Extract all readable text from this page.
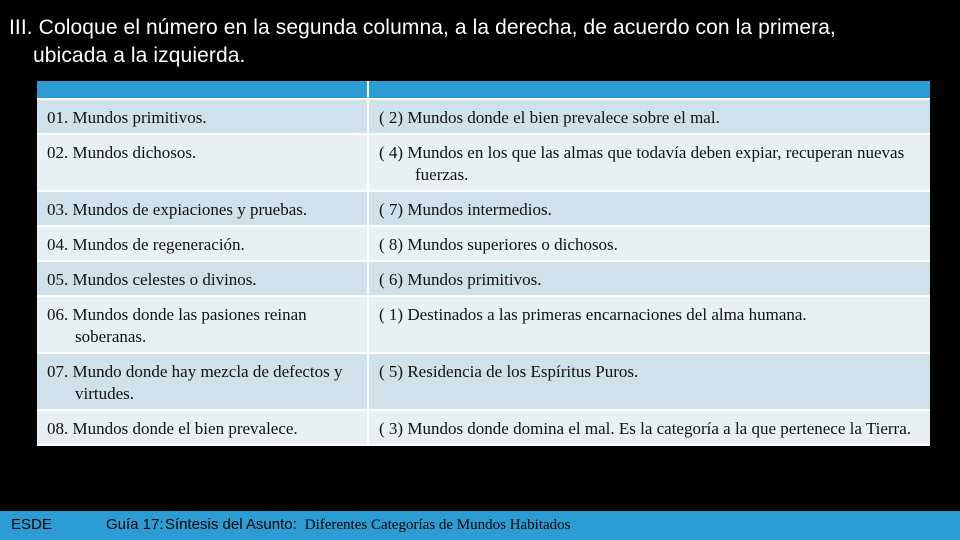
III. Coloque el número en la segunda columna, a la derecha, de acuerdo con la primera,
ubicada a la izquierda.

01. Mundos primitivos.	( 2) Mundos donde el bien prevalece sobre el mal.

02. Mundos dichosos.	( 4) Mundos en los que las almas que todavía deben expiar, recuperan nuevas fuerzas.

03. Mundos de expiaciones y pruebas.	( 7) Mundos intermedios.

04. Mundos de regeneración.	( 8) Mundos superiores o dichosos.

05. Mundos celestes o divinos.	( 6) Mundos primitivos.

06. Mundos donde las pasiones reinan soberanas.	( 1) Destinados a las primeras encarnaciones del alma humana.

07. Mundo donde hay mezcla de defectos y virtudes.	( 5) Residencia de los Espíritus Puros.

08. Mundos donde el bien prevalece.	( 3) Mundos donde domina el mal. Es la categoría a la que pertenece la Tierra.
ESDE	Guía 17:Síntesis del Asunto: Diferentes Categorías de Mundos Habitados
